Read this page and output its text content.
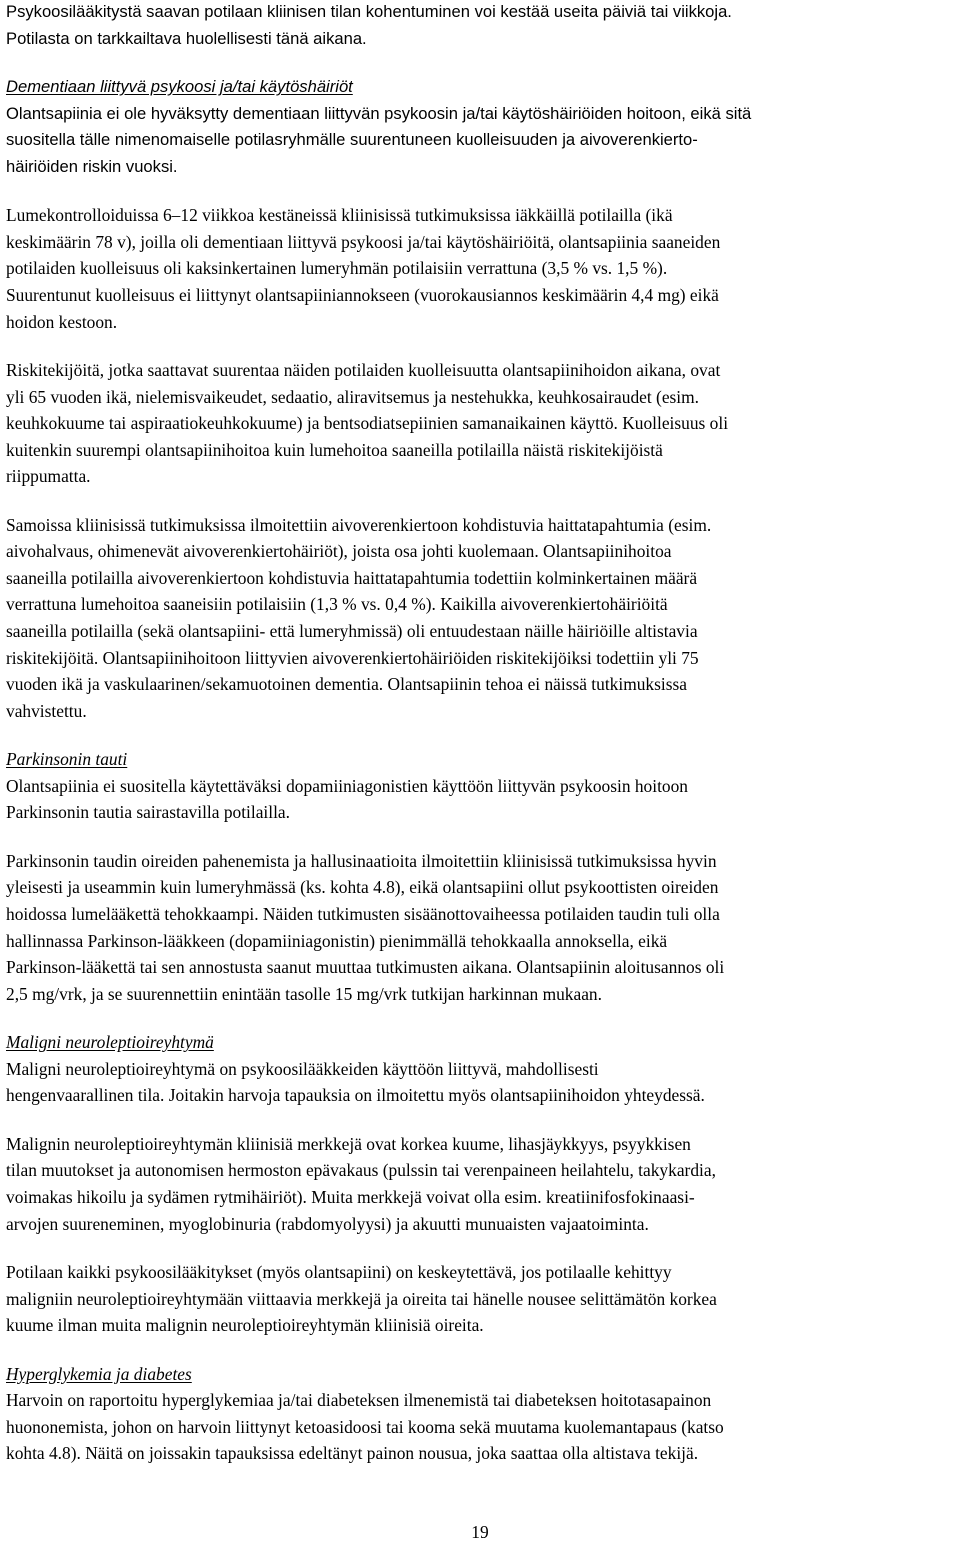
Psykoosilääkitystä saavan potilaan kliinisen tilan kohentuminen voi kestää useita päiviä tai viikkoja.
Potilasta on tarkkailtava huolellisesti tänä aikana.
Dementiaan liittyvä psykoosi ja/tai käytöshäiriöt
Olantsapiinia ei ole hyväksytty dementiaan liittyvän psykoosin ja/tai käytöshäiriöiden hoitoon, eikä sitä
suositella tälle nimenomaiselle potilasryhmälle suurentuneen kuolleisuuden ja aivoverenkierto-
häiriöiden riskin vuoksi.
Lumekontrolloiduissa 6–12 viikkoa kestäneissä kliinisissä tutkimuksissa iäkkäillä potilailla (ikä
keskimäärin 78 v), joilla oli dementiaan liittyvä psykoosi ja/tai käytöshäiriöitä, olantsapiinia saaneiden
potilaiden kuolleisuus oli kaksinkertainen lumeryhmän potilaisiin verrattuna (3,5 % vs. 1,5 %).
Suurentunut kuolleisuus ei liittynyt olantsapiiniannokseen (vuorokausiannos keskimäärin 4,4 mg) eikä
hoidon kestoon.
Riskitekijöitä, jotka saattavat suurentaa näiden potilaiden kuolleisuutta olantsapiinihoidon aikana, ovat
yli 65 vuoden ikä, nielemisvaikeudet, sedaatio, aliravitsemus ja nestehukka, keuhkosairaudet (esim.
keuhkokuume tai aspiraatiokeuhkokuume) ja bentsodiatsepiinien samanaikainen käyttö. Kuolleisuus oli
kuitenkin suurempi olantsapiinihoitoa kuin lumehoitoa saaneilla potilailla näistä riskitekijöistä
riippumatta.
Samoissa kliinisissä tutkimuksissa ilmoitettiin aivoverenkiertoon kohdistuvia haittatapahtumia (esim.
aivohalvaus, ohimenevät aivoverenkiertohäiriöt), joista osa johti kuolemaan. Olantsapiinihoitoa
saaneilla potilailla aivoverenkiertoon kohdistuvia haittatapahtumia todettiin kolminkertainen määrä
verrattuna lumehoitoa saaneisiin potilaisiin (1,3 % vs. 0,4 %). Kaikilla aivoverenkiertohäiriöitä
saaneilla potilailla (sekä olantsapiini- että lumeryhmissä) oli entuudestaan näille häiriöille altistavia
riskitekijöitä. Olantsapiinihoitoon liittyvien aivoverenkiertohäiriöiden riskitekijöiksi todettiin yli 75
vuoden ikä ja vaskulaarinen/sekamuotoinen dementia. Olantsapiinin tehoa ei näissä tutkimuksissa
vahvistettu.
Parkinsonin tauti
Olantsapiinia ei suositella käytettäväksi dopamiiniagonistien käyttöön liittyvän psykoosin hoitoon
Parkinsonin tautia sairastavilla potilailla.
Parkinsonin taudin oireiden pahenemista ja hallusinaatioita ilmoitettiin kliinisissä tutkimuksissa hyvin
yleisesti ja useammin kuin lumeryhmässä (ks. kohta 4.8), eikä olantsapiini ollut psykoottisten oireiden
hoidossa lumelääkettä tehokkaampi. Näiden tutkimusten sisäänottovaiheessa potilaiden taudin tuli olla
hallinnassa Parkinson-lääkkeen (dopamiiniagonistin) pienimmällä tehokkaalla annoksella, eikä
Parkinson-lääkettä tai sen annostusta saanut muuttaa tutkimusten aikana. Olantsapiinin aloitusannos oli
2,5 mg/vrk, ja se suurennettiin enintään tasolle 15 mg/vrk tutkijan harkinnan mukaan.
Maligni neuroleptioireyhtymä
Maligni neuroleptioireyhtymä on psykoosilääkkeiden käyttöön liittyvä, mahdollisesti
hengenvaarallinen tila. Joitakin harvoja tapauksia on ilmoitettu myös olantsapiinihoidon yhteydessä.
Malignin neuroleptioireyhtymän kliinisiä merkkejä ovat korkea kuume, lihasjäykkyys, psyykkisen
tilan muutokset ja autonomisen hermoston epävakaus (pulssin tai verenpaineen heilahtelu, takykardia,
voimakas hikoilu ja sydämen rytmihäiriöt). Muita merkkejä voivat olla esim. kreatiinifosfokinaasi-
arvojen suureneminen, myoglobinuria (rabdomyolyysi) ja akuutti munuaisten vajaatoiminta.
Potilaan kaikki psykoosilääkitykset (myös olantsapiini) on keskeytettävä, jos potilaalle kehittyy
maligniin neuroleptioireyhtymään viittaavia merkkejä ja oireita tai hänelle nousee selittämätön korkea
kuume ilman muita malignin neuroleptioireyhtymän kliinisiä oireita.
Hyperglykemia ja diabetes
Harvoin on raportoitu hyperglykemiaa ja/tai diabeteksen ilmenemistä tai diabeteksen hoitotasapainon
huononemista, johon on harvoin liittynyt ketoasidoosi tai kooma sekä muutama kuolemantapaus (katso
kohta 4.8). Näitä on joissakin tapauksissa edeltänyt painon nousua, joka saattaa olla altistava tekijä.
19
